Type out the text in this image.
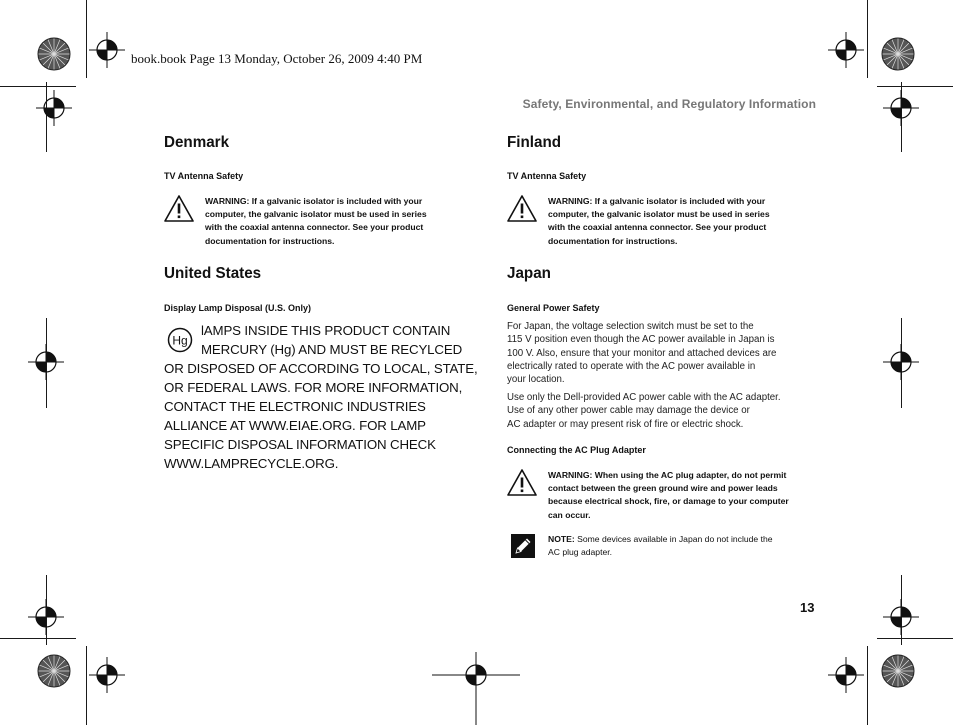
book.book Page 13 Monday, October 26, 2009 4:40 PM
Safety, Environmental, and Regulatory Information
Denmark
TV Antenna Safety
WARNING: If a galvanic isolator is included with your
computer, the galvanic isolator must be used in series
with the coaxial antenna connector. See your product
documentation for instructions.
United States
Display Lamp Disposal (U.S. Only)
Hg
lAMPS INSIDE THIS PRODUCT CONTAIN
MERCURY (Hg) AND MUST BE RECYLCED
OR DISPOSED OF ACCORDING TO LOCAL, STATE,
OR FEDERAL LAWS. FOR MORE INFORMATION,
CONTACT THE ELECTRONIC INDUSTRIES
ALLIANCE AT WWW.EIAE.ORG. FOR LAMP
SPECIFIC DISPOSAL INFORMATION CHECK
WWW.LAMPRECYCLE.ORG.
Finland
TV Antenna Safety
WARNING: If a galvanic isolator is included with your
computer, the galvanic isolator must be used in series
with the coaxial antenna connector. See your product
documentation for instructions.
Japan
General Power Safety
For Japan, the voltage selection switch must be set to the
115 V position even though the AC power available in Japan is
100 V. Also, ensure that your monitor and attached devices are
electrically rated to operate with the AC power available in
your location.
Use only the Dell-provided AC power cable with the AC adapter.
Use of any other power cable may damage the device or
AC adapter or may present risk of fire or electric shock.
Connecting the AC Plug Adapter
WARNING: When using the AC plug adapter, do not permit
contact between the green ground wire and power leads
because electrical shock, fire, or damage to your computer
can occur.
NOTE: Some devices available in Japan do not include the
AC plug adapter.
13
